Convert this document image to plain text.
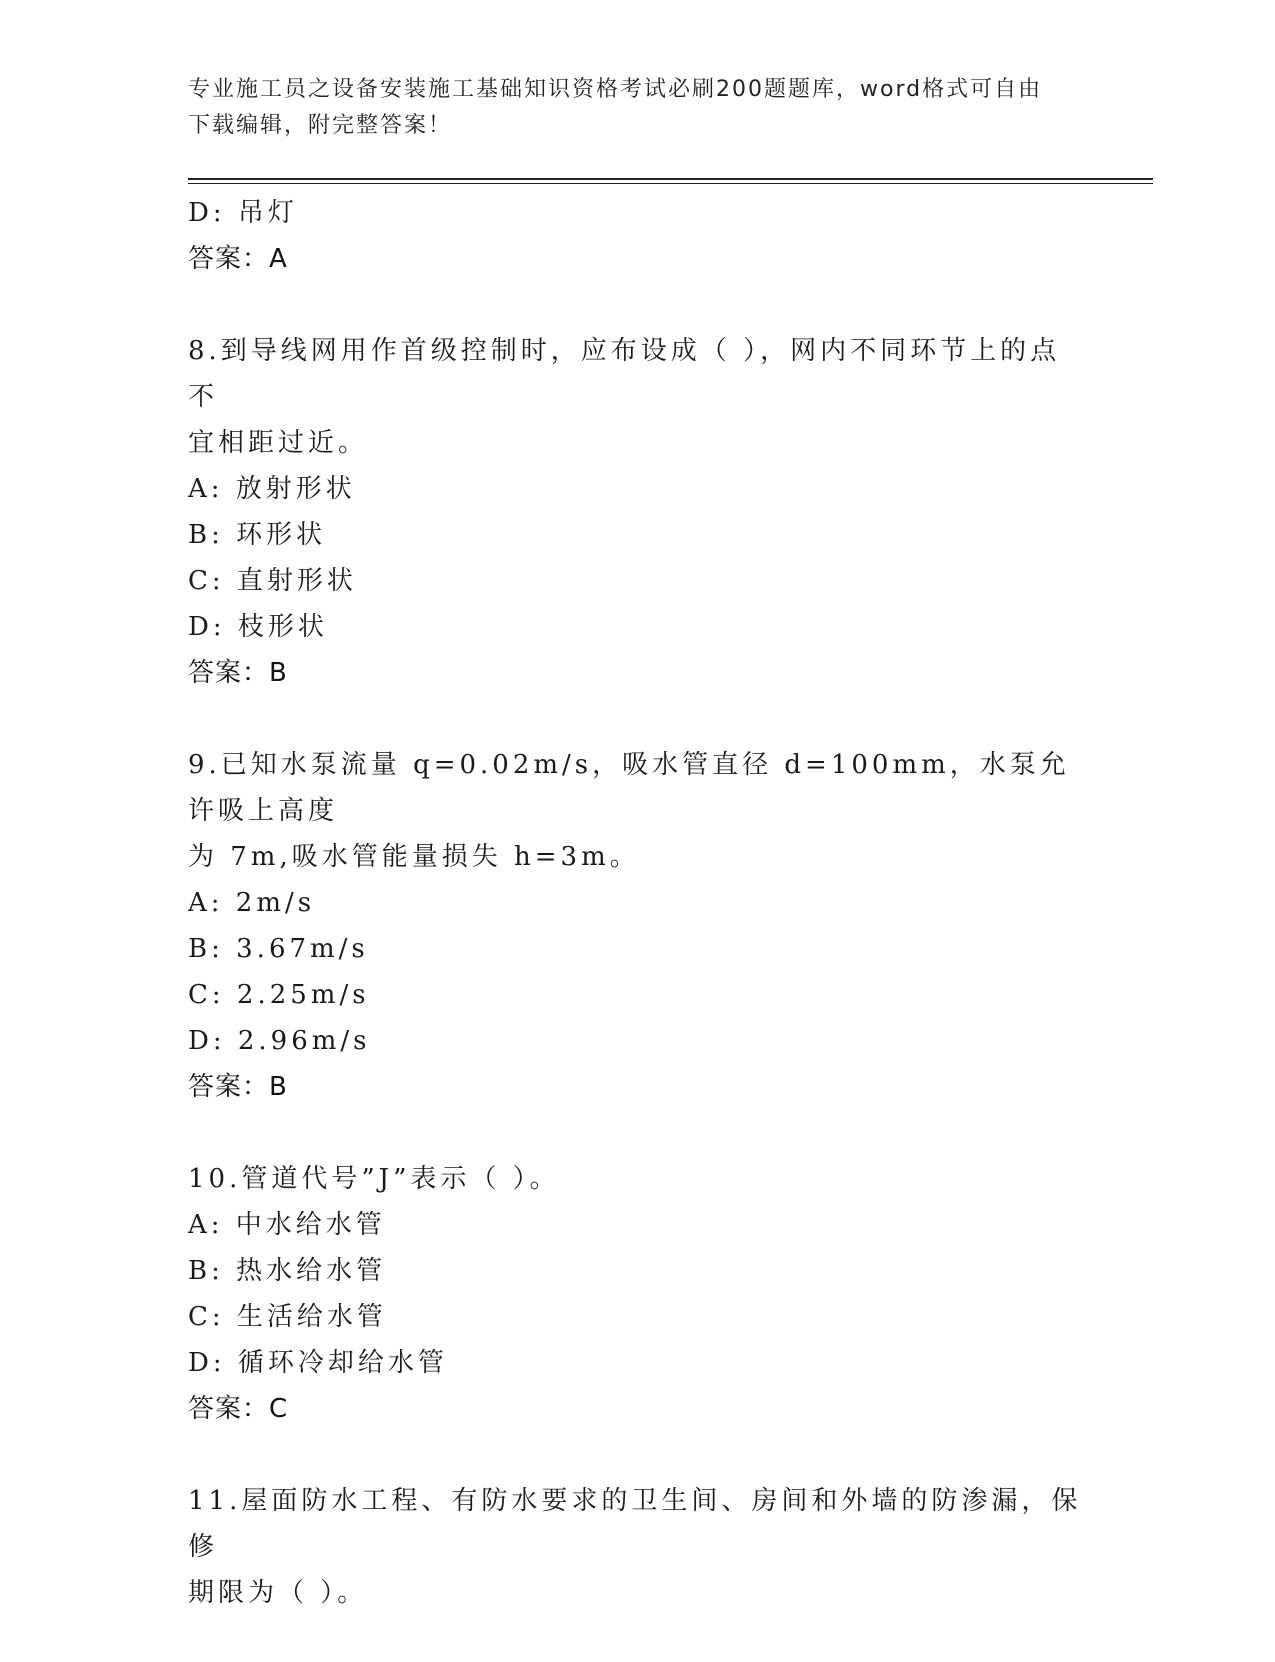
专业施工员之设备安装施工基础知识资格考试必刷200题题库，word格式可自由
下载编辑，附完整答案！
D: 吊灯
答案：A
8.到导线网用作首级控制时，应布设成（ ），网内不同环节上的点不
宜相距过近。
A: 放射形状
B: 环形状
C: 直射形状
D: 枝形状
答案：B
9.已知水泵流量 q=0.02m/s，吸水管直径 d=100mm，水泵允许吸上高度
为 7m,吸水管能量损失 h=3m。
A: 2m/s
B: 3.67m/s
C: 2.25m/s
D: 2.96m/s
答案：B
10.管道代号”J”表示（ ）。
A: 中水给水管
B: 热水给水管
C: 生活给水管
D: 循环冷却给水管
答案：C
11.屋面防水工程、有防水要求的卫生间、房间和外墙的防渗漏，保修
期限为（ ）。
